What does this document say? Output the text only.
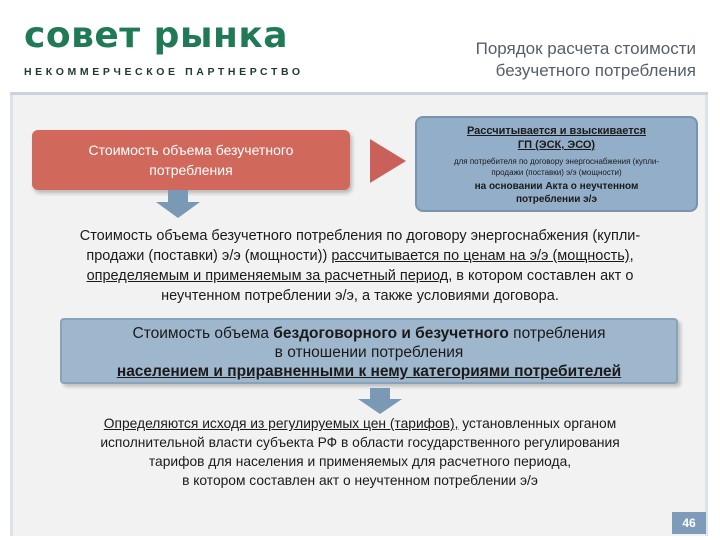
совет рынка
НЕКОММЕРЧЕСКОЕ ПАРТНЕРСТВО
Порядок расчета стоимости
безучетного потребления
Стоимость объема безучетного
потребления
Рассчитывается и взыскивается
ГП (ЭСК, ЭСО)
для потребителя по договору энергоснабжения (купли-
продажи (поставки) э/э (мощности)
на основании Акта о неучтенном
потреблении э/э
Стоимость объема безучетного потребления по договору энергоснабжения (купли-
продажи (поставки) э/э (мощности)) рассчитывается по ценам на э/э (мощность),
определяемым и применяемым за расчетный период, в котором составлен акт о
неучтенном потреблении э/э, а также условиями договора.
Стоимость объема бездоговорного и безучетного потребления
в отношении потребления
населением и приравненными к нему категориями потребителей
Определяются исходя из регулируемых цен (тарифов), установленных органом
исполнительной власти субъекта РФ в области государственного регулирования
тарифов для населения и применяемых для расчетного периода,
в котором составлен акт о неучтенном потреблении э/э
46
